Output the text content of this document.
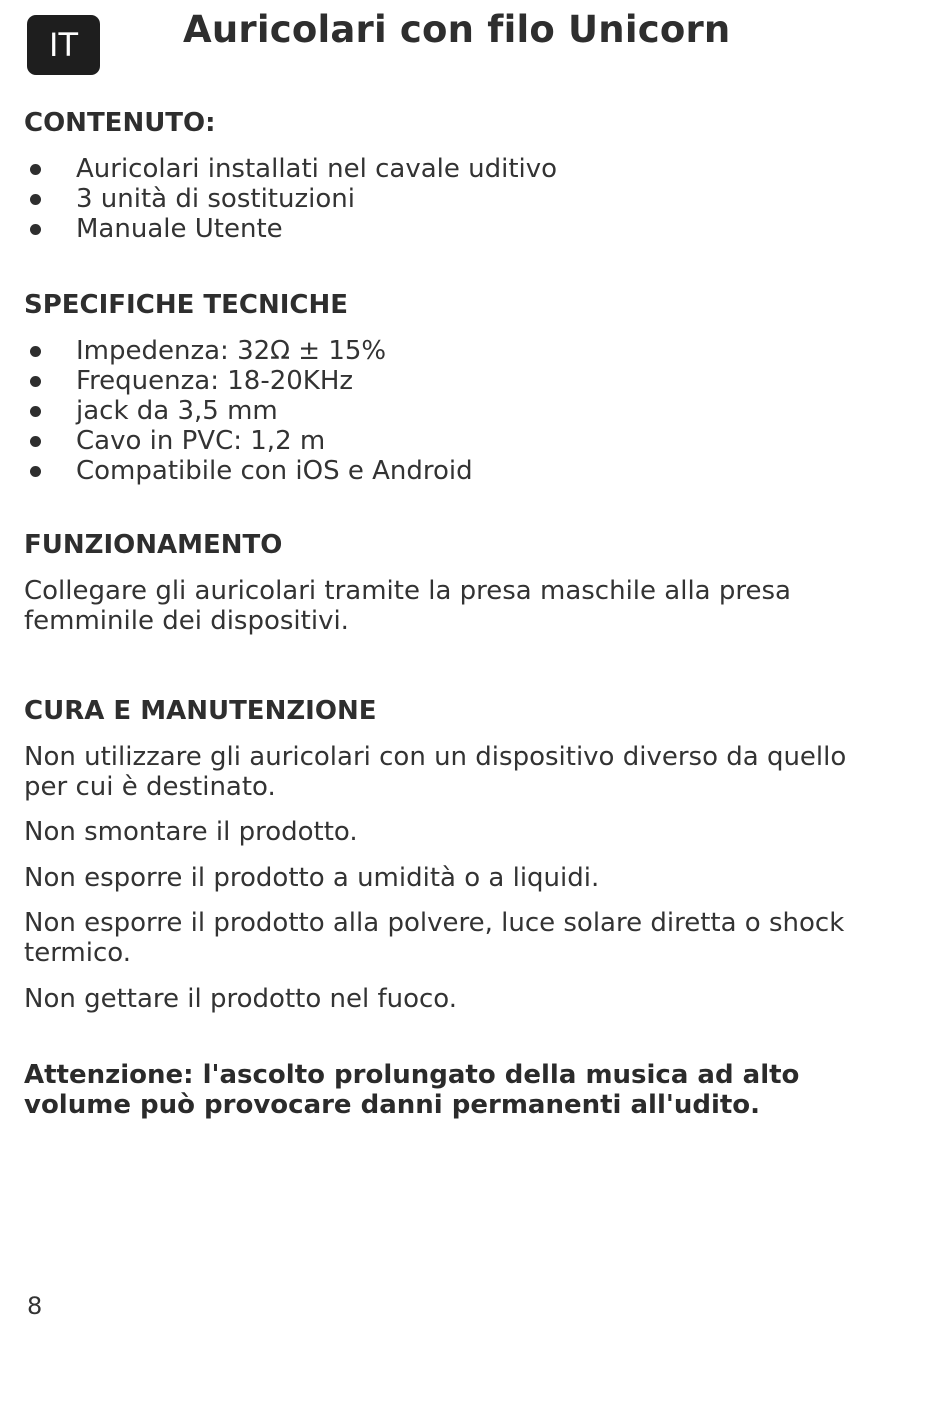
IT	Auricolari con filo Unicorn
CONTENUTO:
Auricolari installati nel cavale uditivo
3 unità di sostituzioni
Manuale Utente
SPECIFICHE TECNICHE
Impedenza: 32Ω ± 15%
Frequenza: 18-20KHz
jack da 3,5 mm
Cavo in PVC: 1,2 m
Compatibile con iOS e Android
FUNZIONAMENTO

Collegare gli auricolari tramite la presa maschile alla presa
femminile dei dispositivi.

CURA E MANUTENZIONE

Non utilizzare gli auricolari con un dispositivo diverso da quello
per cui è destinato.

Non smontare il prodotto.

Non esporre il prodotto a umidità o a liquidi.

Non esporre il prodotto alla polvere, luce solare diretta o shock
termico.

Non gettare il prodotto nel fuoco.

Attenzione: l'ascolto prolungato della musica ad alto
volume può provocare danni permanenti all'udito.

8
